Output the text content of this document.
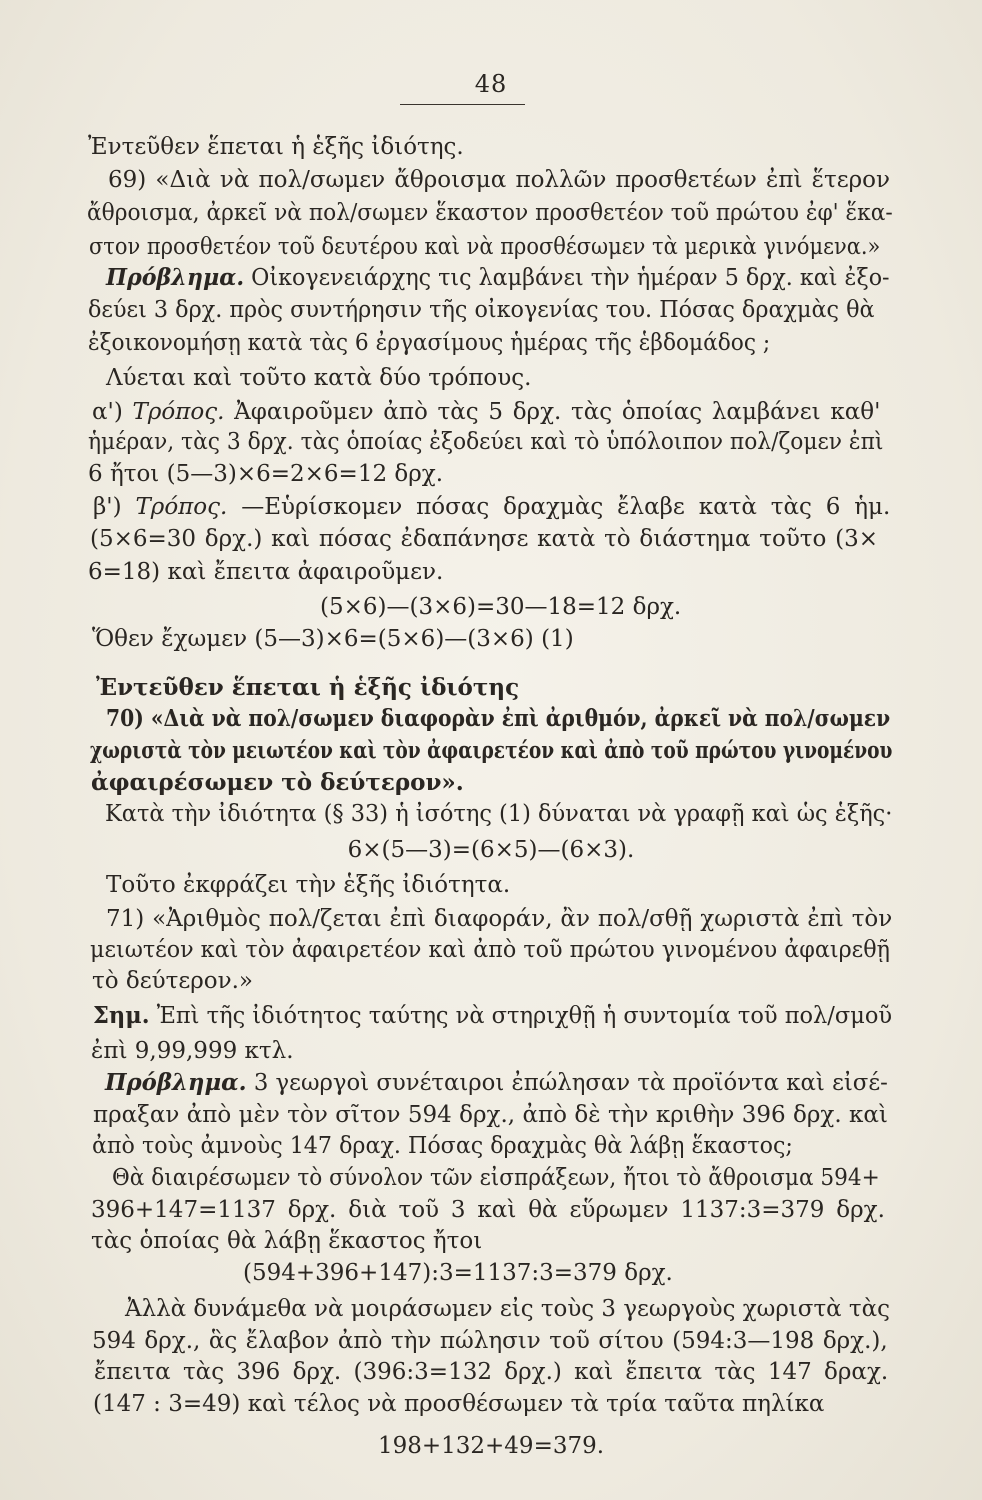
48
Ἐντεῦθεν ἕπεται ἡ ἑξῆς ἰδιότης.
69) «Διὰ νὰ πολ/σωμεν ἄθροισμα πολλῶν προσθετέων ἐπὶ ἕτερον
ἄθροισμα, ἀρκεῖ νὰ πολ/σωμεν ἕκαστον προσθετέον τοῦ πρώτου ἐφ' ἕκα-
στον προσθετέον τοῦ δευτέρου καὶ νὰ προσθέσωμεν τὰ μερικὰ γινόμενα.»
Πρόβλημα. Οἰκογενειάρχης τις λαμβάνει τὴν ἡμέραν 5 δρχ. καὶ ἐξο-
δεύει 3 δρχ. πρὸς συντήρησιν τῆς οἰκογενίας του. Πόσας δραχμὰς θὰ
ἐξοικονομήσῃ κατὰ τὰς 6 ἐργασίμους ἡμέρας τῆς ἑβδομάδος ;
Λύεται καὶ τοῦτο κατὰ δύο τρόπους.
α') Τρόπος. Ἀφαιροῦμεν ἀπὸ τὰς 5 δρχ. τὰς ὁποίας λαμβάνει καθ'
ἡμέραν, τὰς 3 δρχ. τὰς ὁποίας ἐξοδεύει καὶ τὸ ὑπόλοιπον πολ/ζομεν ἐπὶ
6 ἤτοι (5—3)×6=2×6=12 δρχ.
β') Τρόπος. —Εὑρίσκομεν πόσας δραχμὰς ἔλαβε κατὰ τὰς 6 ἡμ.
(5×6=30 δρχ.) καὶ πόσας ἐδαπάνησε κατὰ τὸ διάστημα τοῦτο (3×
6=18) καὶ ἔπειτα ἀφαιροῦμεν.
(5×6)—(3×6)=30—18=12 δρχ.
Ὅθεν ἔχωμεν (5—3)×6=(5×6)—(3×6) (1)
Ἐντεῦθεν ἕπεται ἡ ἑξῆς ἰδιότης
70) «Διὰ νὰ πολ/σωμεν διαφορὰν ἐπὶ ἀριθμόν, ἀρκεῖ νὰ πολ/σωμεν
χωριστὰ τὸν μειωτέον καὶ τὸν ἀφαιρετέον καὶ ἀπὸ τοῦ πρώτου γινομένου
ἀφαιρέσωμεν τὸ δεύτερον».
Κατὰ τὴν ἰδιότητα (§ 33) ἡ ἰσότης (1) δύναται νὰ γραφῇ καὶ ὡς ἑξῆς·
6×(5—3)=(6×5)—(6×3).
Τοῦτο ἐκφράζει τὴν ἑξῆς ἰδιότητα.
71) «Ἀριθμὸς πολ/ζεται ἐπὶ διαφοράν, ἂν πολ/σθῇ χωριστὰ ἐπὶ τὸν
μειωτέον καὶ τὸν ἀφαιρετέον καὶ ἀπὸ τοῦ πρώτου γινομένου ἀφαιρεθῇ
τὸ δεύτερον.»
Σημ. Ἐπὶ τῆς ἰδιότητος ταύτης νὰ στηριχθῇ ἡ συντομία τοῦ πολ/σμοῦ
ἐπὶ 9,99,999 κτλ.
Πρόβλημα. 3 γεωργοὶ συνέταιροι ἐπώλησαν τὰ προϊόντα καὶ εἰσέ-
πραξαν ἀπὸ μὲν τὸν σῖτον 594 δρχ., ἀπὸ δὲ τὴν κριθὴν 396 δρχ. καὶ
ἀπὸ τοὺς ἀμνοὺς 147 δραχ. Πόσας δραχμὰς θὰ λάβῃ ἕκαστος;
Θὰ διαιρέσωμεν τὸ σύνολον τῶν εἰσπράξεων, ἤτοι τὸ ἄθροισμα 594+
396+147=1137 δρχ. διὰ τοῦ 3 καὶ θὰ εὕρωμεν 1137:3=379 δρχ.
τὰς ὁποίας θὰ λάβῃ ἕκαστος ἤτοι
(594+396+147):3=1137:3=379 δρχ.
Ἀλλὰ δυνάμεθα νὰ μοιράσωμεν εἰς τοὺς 3 γεωργοὺς χωριστὰ τὰς
594 δρχ., ἃς ἔλαβον ἀπὸ τὴν πώλησιν τοῦ σίτου (594:3—198 δρχ.),
ἔπειτα τὰς 396 δρχ. (396:3=132 δρχ.) καὶ ἔπειτα τὰς 147 δραχ.
(147 : 3=49) καὶ τέλος νὰ προσθέσωμεν τὰ τρία ταῦτα πηλίκα
198+132+49=379.
